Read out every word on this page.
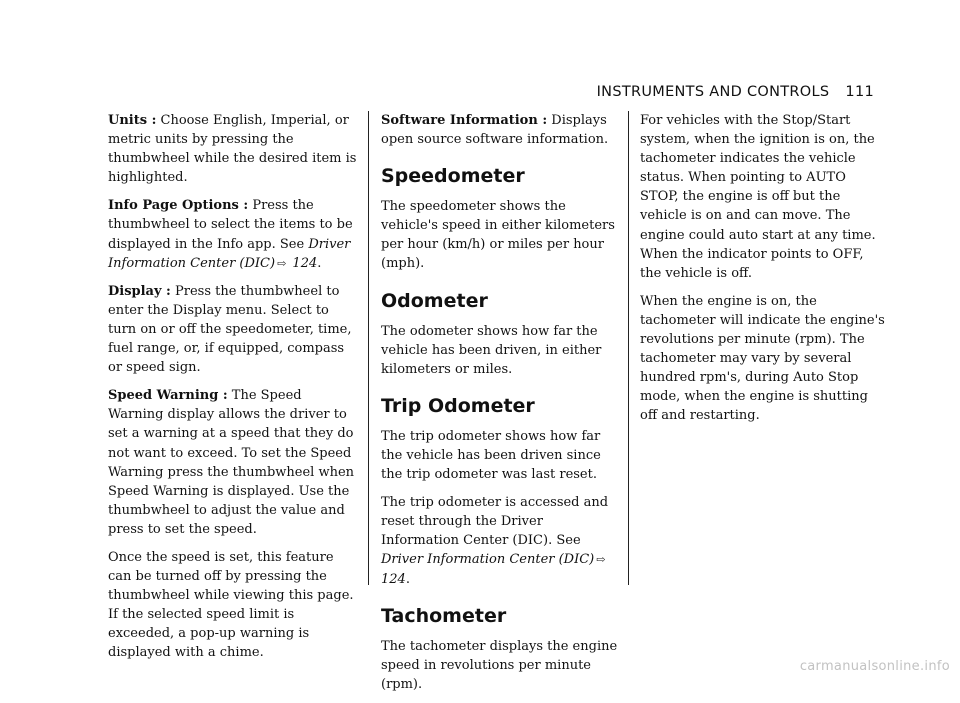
INSTRUMENTS AND CONTROLS 111

Units : Choose English, Imperial, or metric units by pressing the thumbwheel while the desired item is highlighted.

Info Page Options : Press the thumbwheel to select the items to be displayed in the Info app. See Driver Information Center (DIC) ⇨ 124.

Display : Press the thumbwheel to enter the Display menu. Select to turn on or off the speedometer, time, fuel range, or, if equipped, compass or speed sign.

Speed Warning : The Speed Warning display allows the driver to set a warning at a speed that they do not want to exceed. To set the Speed Warning press the thumbwheel when Speed Warning is displayed. Use the thumbwheel to adjust the value and press to set the speed.

Once the speed is set, this feature can be turned off by pressing the thumbwheel while viewing this page. If the selected speed limit is exceeded, a pop-up warning is displayed with a chime.

Software Information : Displays open source software information.

Speedometer

The speedometer shows the vehicle's speed in either kilometers per hour (km/h) or miles per hour (mph).

Odometer

The odometer shows how far the vehicle has been driven, in either kilometers or miles.

Trip Odometer

The trip odometer shows how far the vehicle has been driven since the trip odometer was last reset.

The trip odometer is accessed and reset through the Driver Information Center (DIC). See Driver Information Center (DIC) ⇨ 124.

Tachometer

The tachometer displays the engine speed in revolutions per minute (rpm).

For vehicles with the Stop/Start system, when the ignition is on, the tachometer indicates the vehicle status. When pointing to AUTO STOP, the engine is off but the vehicle is on and can move. The engine could auto start at any time. When the indicator points to OFF, the vehicle is off.

When the engine is on, the tachometer will indicate the engine's revolutions per minute (rpm). The tachometer may vary by several hundred rpm's, during Auto Stop mode, when the engine is shutting off and restarting.

carmanualsonline.info
